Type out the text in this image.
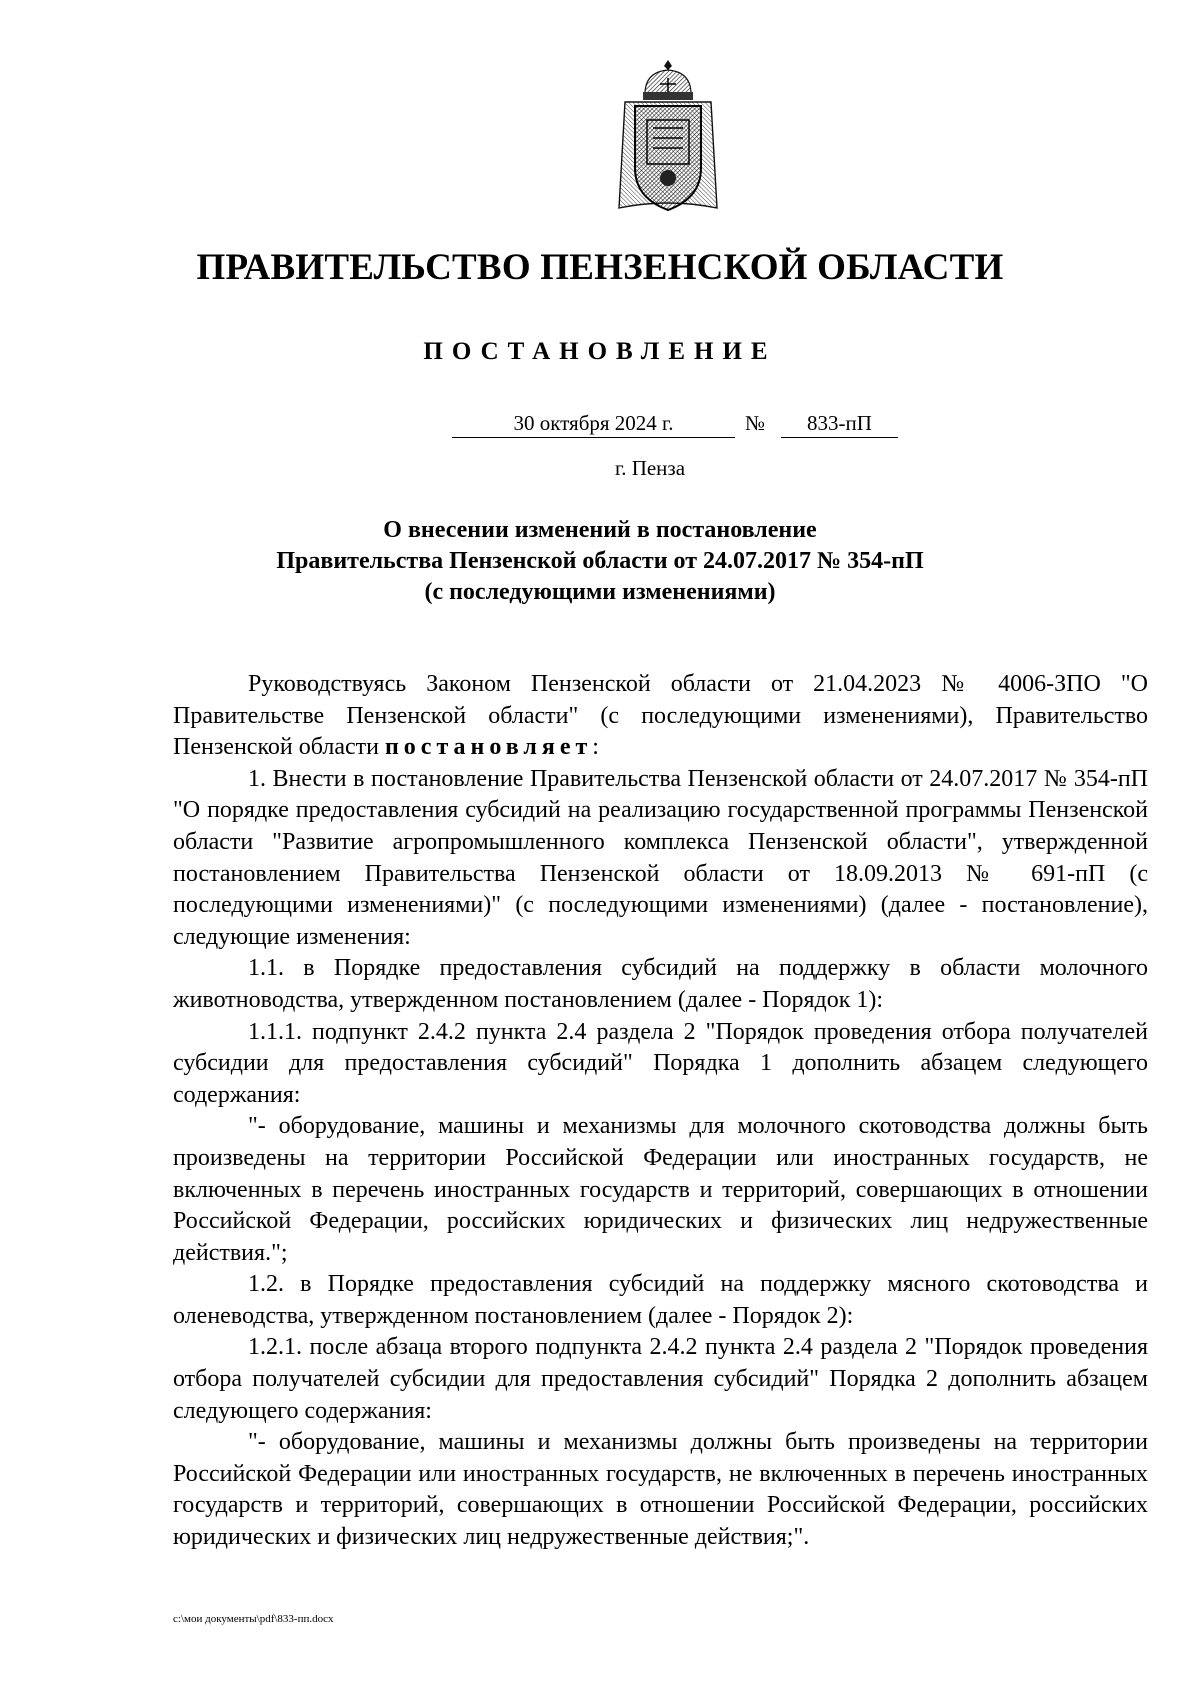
ПРАВИТЕЛЬСТВО ПЕНЗЕНСКОЙ ОБЛАСТИ
ПОСТАНОВЛЕНИЕ
30 октября 2024 г.	№	833-пП
г. Пенза
О внесении изменений в постановление
Правительства Пензенской области от 24.07.2017 № 354-пП
(с последующими изменениями)

Руководствуясь Законом Пензенской области от 21.04.2023 № 4006-ЗПО "О Правительстве Пензенской области" (с последующими изменениями), Правительство Пензенской области постановляет:

1. Внести в постановление Правительства Пензенской области от 24.07.2017 № 354-пП "О порядке предоставления субсидий на реализацию государственной программы Пензенской области "Развитие агропромышленного комплекса Пензенской области", утвержденной постановлением Правительства Пензенской области от 18.09.2013 № 691-пП (с последующими изменениями)" (с последующими изменениями) (далее - постановление), следующие изменения:

1.1. в Порядке предоставления субсидий на поддержку в области молочного животноводства, утвержденном постановлением (далее - Порядок 1):

1.1.1. подпункт 2.4.2 пункта 2.4 раздела 2 "Порядок проведения отбора получателей субсидии для предоставления субсидий" Порядка 1 дополнить абзацем следующего содержания:

"- оборудование, машины и механизмы для молочного скотоводства должны быть произведены на территории Российской Федерации или иностранных государств, не включенных в перечень иностранных государств и территорий, совершающих в отношении Российской Федерации, российских юридических и физических лиц недружественные действия.";

1.2. в Порядке предоставления субсидий на поддержку мясного скотоводства и оленеводства, утвержденном постановлением (далее - Порядок 2):

1.2.1. после абзаца второго подпункта 2.4.2 пункта 2.4 раздела 2 "Порядок проведения отбора получателей субсидии для предоставления субсидий" Порядка 2 дополнить абзацем следующего содержания:

"- оборудование, машины и механизмы должны быть произведены на территории Российской Федерации или иностранных государств, не включенных в перечень иностранных государств и территорий, совершающих в отношении Российской Федерации, российских юридических и физических лиц недружественные действия;".

c:\мои документы\pdf\833-пп.docx
